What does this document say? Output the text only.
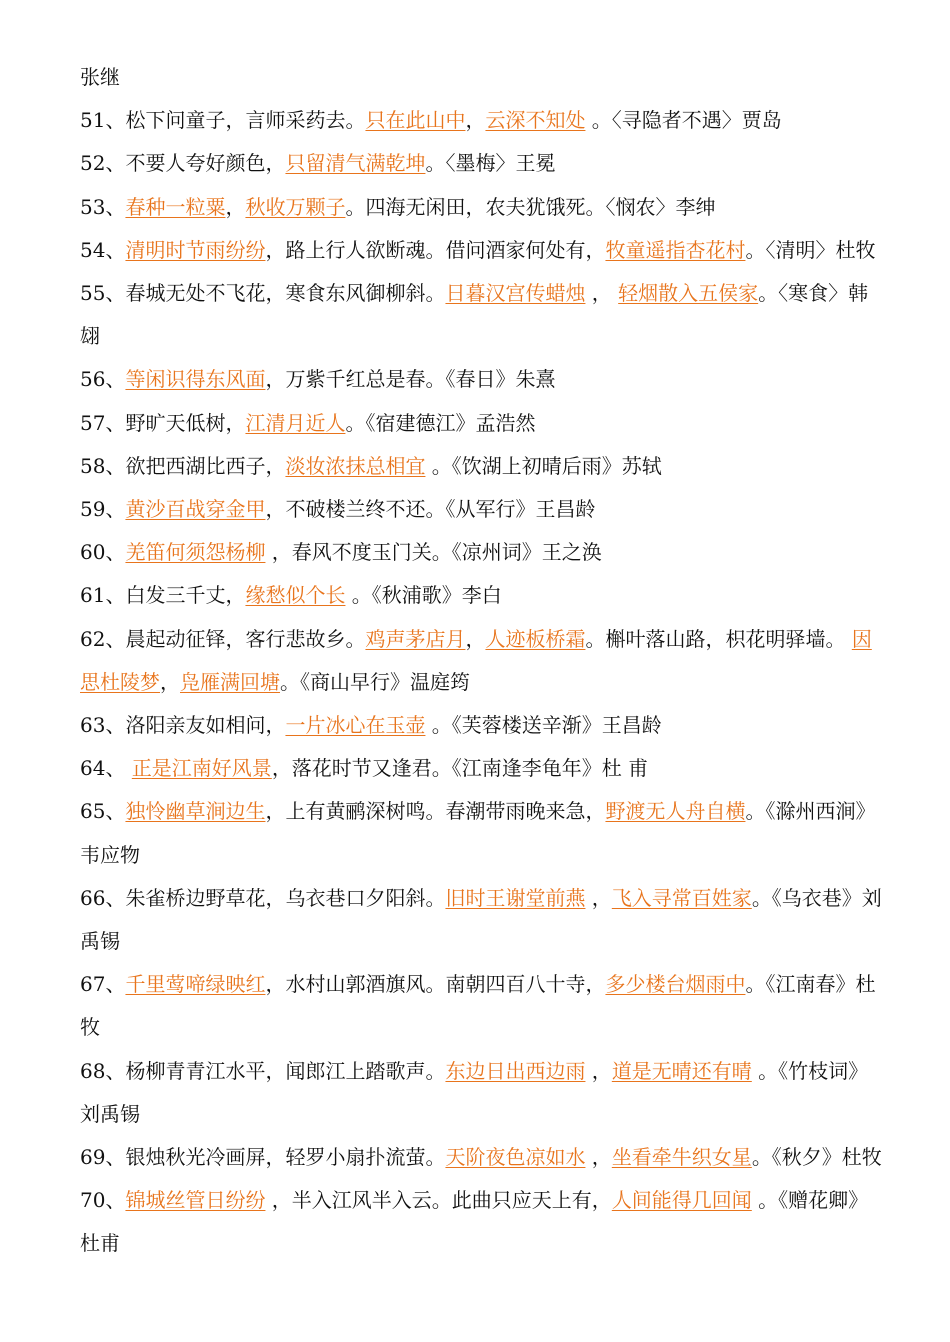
张继
51、松下问童子，言师采药去。只在此山中，云深不知处 。〈寻隐者不遇〉贾岛
52、不要人夸好颜色，只留清气满乾坤。〈墨梅〉王冕
53、春种一粒粟，秋收万颗子。四海无闲田，农夫犹饿死。〈悯农〉李绅
54、清明时节雨纷纷，路上行人欲断魂。借问酒家何处有，牧童遥指杏花村。〈清明〉杜牧
55、春城无处不飞花，寒食东风御柳斜。日暮汉宫传蜡烛 ， 轻烟散入五侯家。〈寒食〉韩
翃
56、等闲识得东风面，万紫千红总是春。《春日》朱熹
57、野旷天低树，江清月近人。《宿建德江》孟浩然
58、欲把西湖比西子，淡妆浓抹总相宜 。《饮湖上初晴后雨》苏轼
59、黄沙百战穿金甲，不破楼兰终不还。《从军行》王昌龄
60、羌笛何须怨杨柳 ，春风不度玉门关。《凉州词》王之涣
61、白发三千丈，缘愁似个长 。《秋浦歌》李白
62、晨起动征铎，客行悲故乡。鸡声茅店月，人迹板桥霜。槲叶落山路，枳花明驿墙。 因
思杜陵梦，凫雁满回塘。《商山早行》温庭筠
63、洛阳亲友如相问，一片冰心在玉壶 。《芙蓉楼送辛渐》王昌龄
64、 正是江南好风景，落花时节又逢君。《江南逢李龟年》杜 甫
65、独怜幽草涧边生，上有黄鹂深树鸣。春潮带雨晚来急，野渡无人舟自横。《滁州西涧》
韦应物
66、朱雀桥边野草花，乌衣巷口夕阳斜。旧时王谢堂前燕 ，飞入寻常百姓家。《乌衣巷》刘
禹锡
67、千里莺啼绿映红，水村山郭酒旗风。南朝四百八十寺，多少楼台烟雨中。《江南春》杜
牧
68、杨柳青青江水平，闻郎江上踏歌声。东边日出西边雨 ，道是无晴还有晴 。《竹枝词》
刘禹锡
69、银烛秋光冷画屏，轻罗小扇扑流萤。天阶夜色凉如水 ，坐看牵牛织女星。《秋夕》杜牧
70、锦城丝管日纷纷 ，半入江风半入云。此曲只应天上有，人间能得几回闻 。《赠花卿》
杜甫
